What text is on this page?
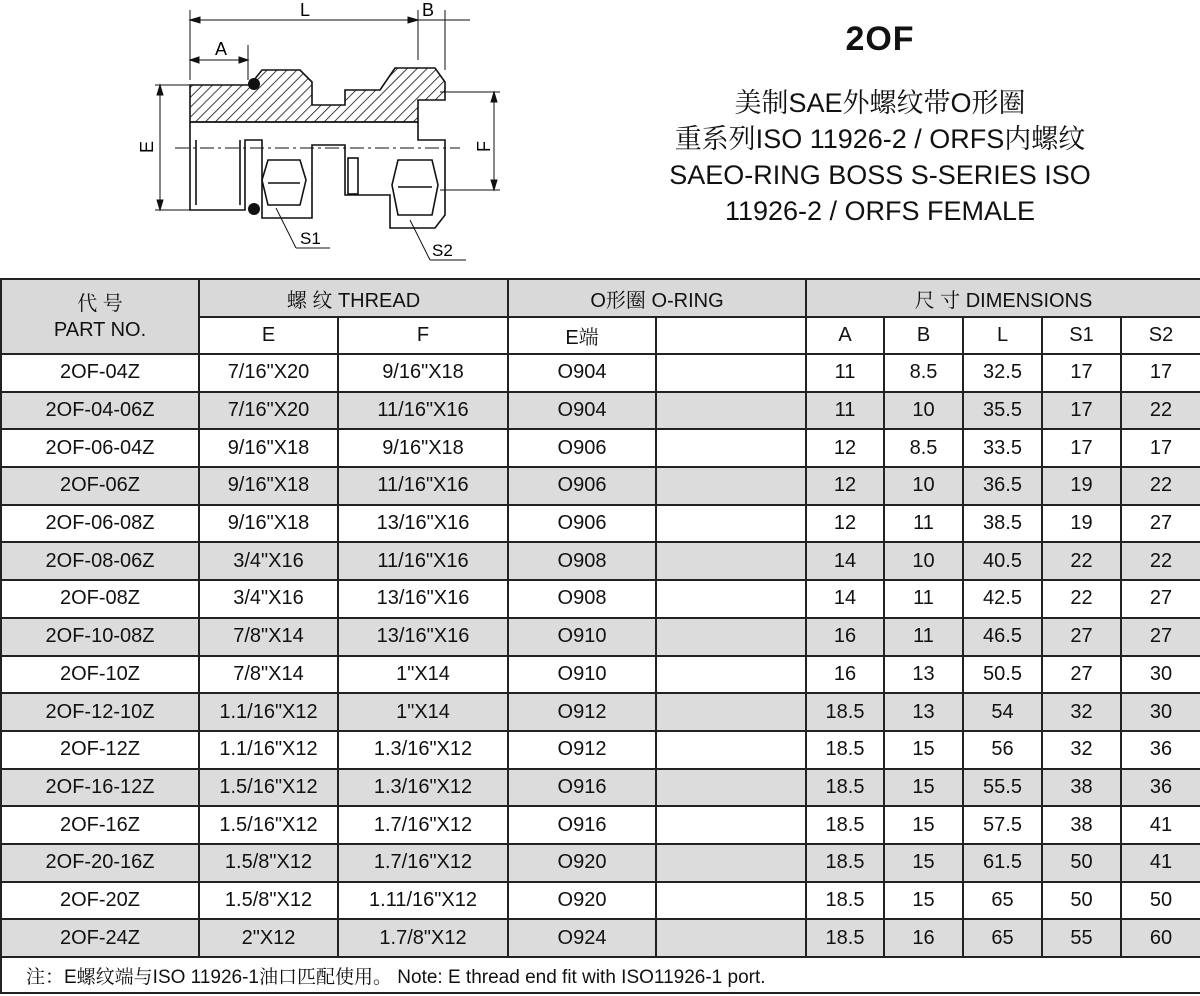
L	B
A
E	F
S1
S2
2OF
美制SAE外螺纹带O形圈
重系列ISO 11926-2 / ORFS内螺纹
SAEO-RING BOSS S-SERIES ISO
11926-2 / ORFS FEMALE
代 号
PART NO.	螺 纹 THREAD		O形圈 O-RING		尺 寸 DIMENSIONS				
	E	F	E端		A	B	L	S1	S2
2OF-04Z	7/16"X20	9/16"X18	O904		11	8.5	32.5	17	17
2OF-04-06Z	7/16"X20	11/16"X16	O904		11	10	35.5	17	22
2OF-06-04Z	9/16"X18	9/16"X18	O906		12	8.5	33.5	17	17
2OF-06Z	9/16"X18	11/16"X16	O906		12	10	36.5	19	22
2OF-06-08Z	9/16"X18	13/16"X16	O906		12	11	38.5	19	27
2OF-08-06Z	3/4"X16	11/16"X16	O908		14	10	40.5	22	22
2OF-08Z	3/4"X16	13/16"X16	O908		14	11	42.5	22	27
2OF-10-08Z	7/8"X14	13/16"X16	O910		16	11	46.5	27	27
2OF-10Z	7/8"X14	1"X14	O910		16	13	50.5	27	30
2OF-12-10Z	1.1/16"X12	1"X14	O912		18.5	13	54	32	30
2OF-12Z	1.1/16"X12	1.3/16"X12	O912		18.5	15	56	32	36
2OF-16-12Z	1.5/16"X12	1.3/16"X12	O916		18.5	15	55.5	38	36
2OF-16Z	1.5/16"X12	1.7/16"X12	O916		18.5	15	57.5	38	41
2OF-20-16Z	1.5/8"X12	1.7/16"X12	O920		18.5	15	61.5	50	41
2OF-20Z	1.5/8"X12	1.11/16"X12	O920		18.5	15	65	50	50
2OF-24Z	2"X12	1.7/8"X12	O924		18.5	16	65	55	60
注：E螺纹端与ISO 11926-1油口匹配使用。 Note: E thread end fit with ISO11926-1 port.									
